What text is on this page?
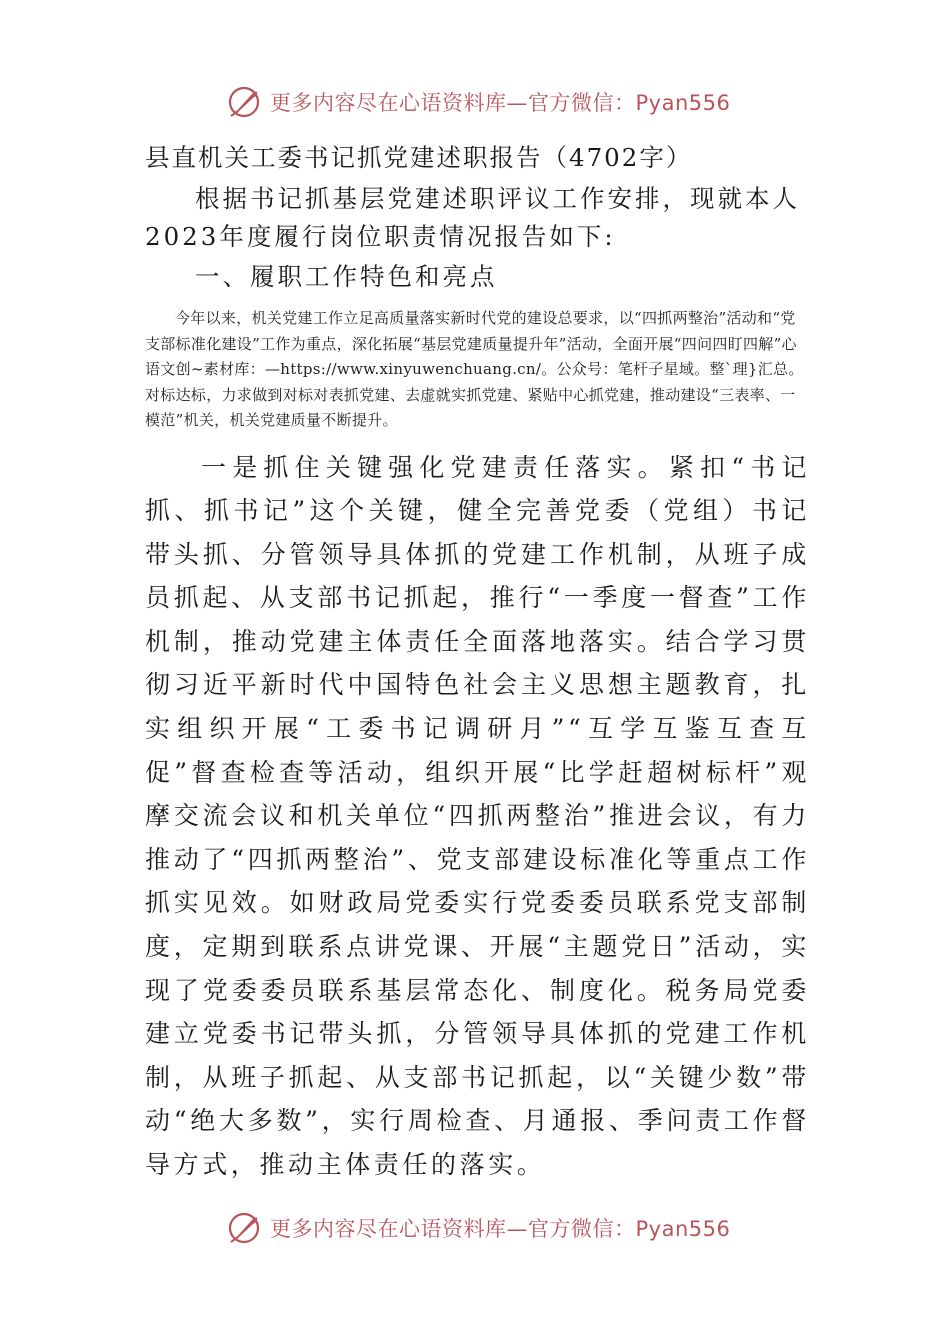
更多内容尽在心语资料库—官方微信：Pyan556

县直机关工委书记抓党建述职报告（4702字）

根据书记抓基层党建述职评议工作安排，现就本人2023年度履行岗位职责情况报告如下:

一、履职工作特色和亮点

今年以来，机关党建工作立足高质量落实新时代党的建设总要求，以“四抓两整治”活动和“党支部标准化建设”工作为重点，深化拓展“基层党建质量提升年”活动，全面开展“四问四盯四解”心语文创~素材库：—https://www.xinyuwenchuang.cn/。公众号：笔杆子星域。整`理}汇总。对标达标，力求做到对标对表抓党建、去虚就实抓党建、紧贴中心抓党建，推动建设“三表率、一模范”机关，机关党建质量不断提升。

一是抓住关键强化党建责任落实。紧扣“书记抓、抓书记”这个关键，健全完善党委（党组）书记带头抓、分管领导具体抓的党建工作机制，从班子成员抓起、从支部书记抓起，推行“一季度一督查”工作机制，推动党建主体责任全面落地落实。结合学习贯彻习近平新时代中国特色社会主义思想主题教育，扎实组织开展“工委书记调研月”“互学互鉴互查互促”督查检查等活动，组织开展“比学赶超树标杆”观摩交流会议和机关单位“四抓两整治”推进会议，有力推动了“四抓两整治”、党支部建设标准化等重点工作抓实见效。如财政局党委实行党委委员联系党支部制度，定期到联系点讲党课、开展“主题党日”活动，实现了党委委员联系基层常态化、制度化。税务局党委建立党委书记带头抓，分管领导具体抓的党建工作机制，从班子抓起、从支部书记抓起，以“关键少数”带动“绝大多数”，实行周检查、月通报、季问责工作督导方式，推动主体责任的落实。

更多内容尽在心语资料库—官方微信：Pyan556
